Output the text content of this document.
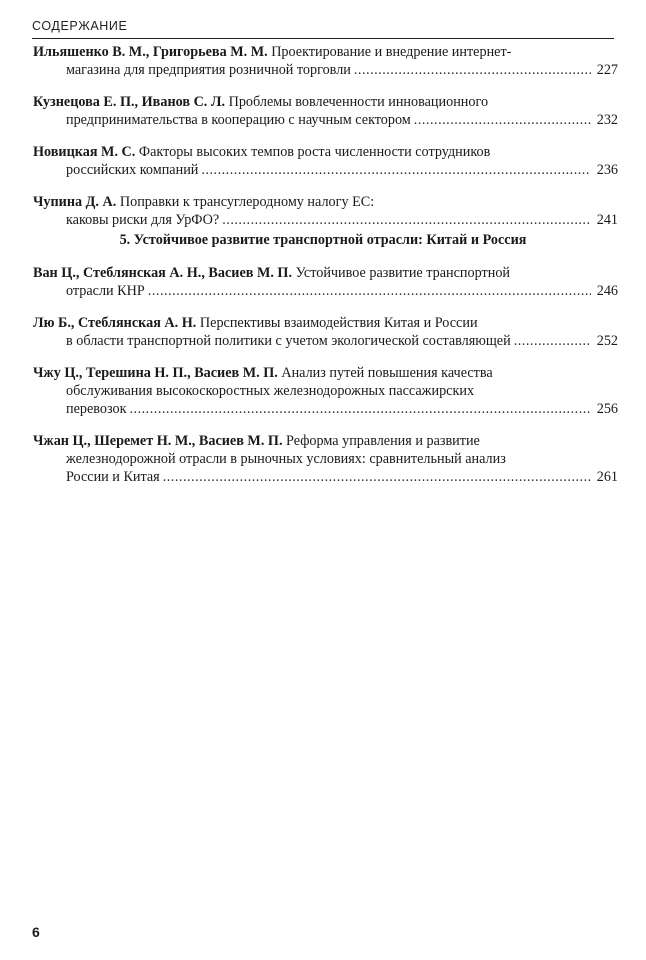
СОДЕРЖАНИЕ
Ильяшенко В. М., Григорьева М. М. Проектирование и внедрение интернет-
магазина для предприятия розничной торговли .....	227
Кузнецова Е. П., Иванов С. Л. Проблемы вовлеченности инновационного
предпринимательства в кооперацию с научным сектором .....	232
Новицкая М. С. Факторы высоких темпов роста численности сотрудников
российских компаний .....	236
Чупина Д. А. Поправки к трансуглеродному налогу ЕС:
каковы риски для УрФО? .....	241
5. Устойчивое развитие транспортной отрасли: Китай и Россия
Ван Ц., Стеблянская А. Н., Васиев М. П. Устойчивое развитие транспортной
отрасли КНР .....	246
Лю Б., Стеблянская А. Н. Перспективы взаимодействия Китая и России
в области транспортной политики с учетом экологической составляющей .....	252
Чжу Ц., Терешина Н. П., Васиев М. П. Анализ путей повышения качества
обслуживания высокоскоростных железнодорожных пассажирских
перевозок .....	256
Чжан Ц., Шеремет Н. М., Васиев М. П. Реформа управления и развитие
железнодорожной отрасли в рыночных условиях: сравнительный анализ
России и Китая .....	261
6
